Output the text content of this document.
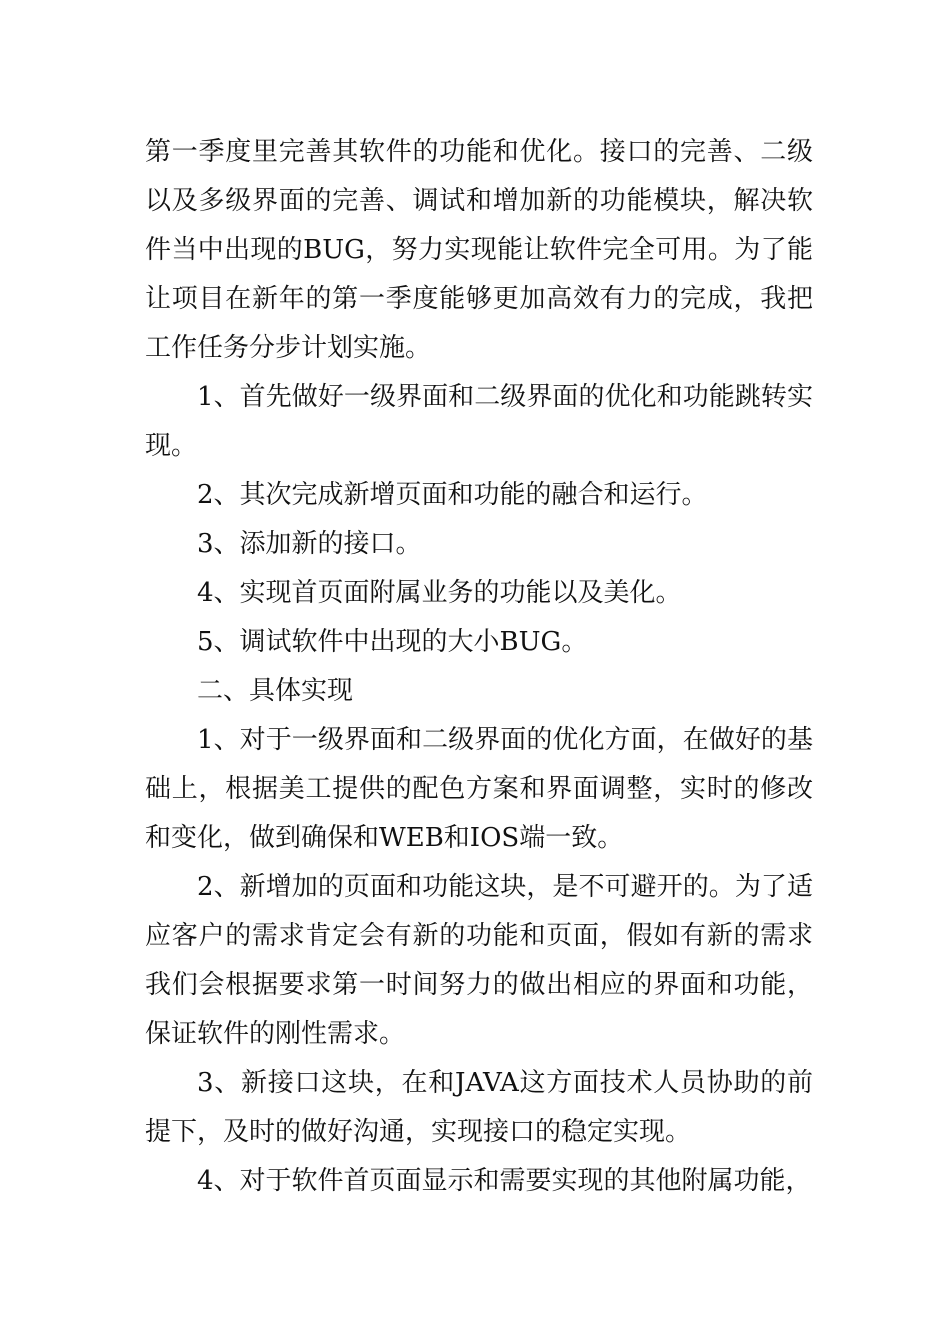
第一季度里完善其软件的功能和优化。接口的完善、二级以及多级界面的完善、调试和增加新的功能模块，解决软件当中出现的BUG，努力实现能让软件完全可用。为了能让项目在新年的第一季度能够更加高效有力的完成，我把工作任务分步计划实施。

1、首先做好一级界面和二级界面的优化和功能跳转实现。

2、其次完成新增页面和功能的融合和运行。

3、添加新的接口。

4、实现首页面附属业务的功能以及美化。

5、调试软件中出现的大小BUG。

二、具体实现

1、对于一级界面和二级界面的优化方面，在做好的基础上，根据美工提供的配色方案和界面调整，实时的修改和变化，做到确保和WEB和IOS端一致。

2、新增加的页面和功能这块，是不可避开的。为了适应客户的需求肯定会有新的功能和页面，假如有新的需求我们会根据要求第一时间努力的做出相应的界面和功能，保证软件的刚性需求。

3、新接口这块，在和JAVA这方面技术人员协助的前提下，及时的做好沟通，实现接口的稳定实现。

4、对于软件首页面显示和需要实现的其他附属功能，
